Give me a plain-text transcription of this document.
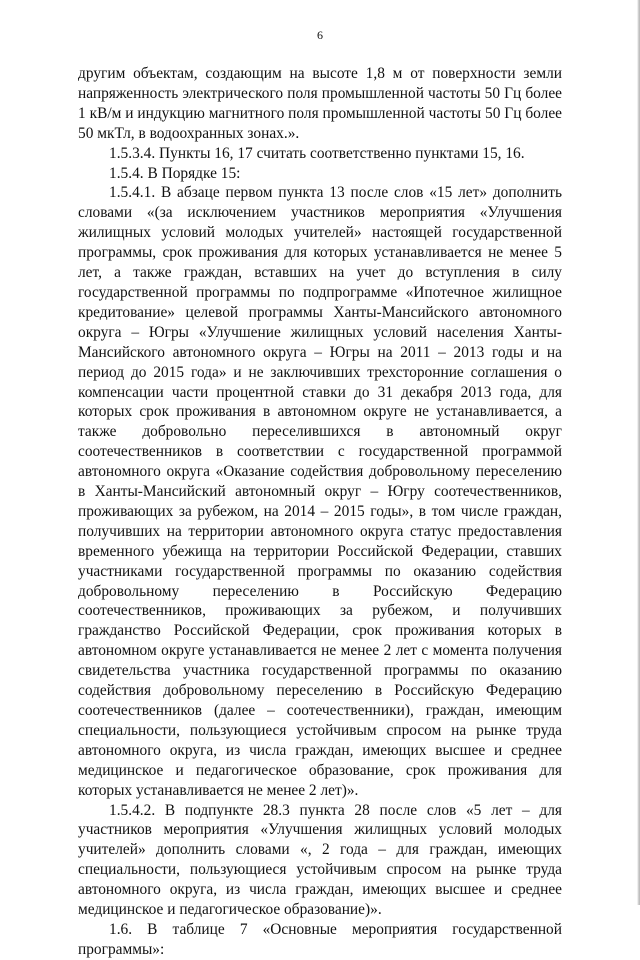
6

другим объектам, создающим на высоте 1,8 м от поверхности земли напряженность электрического поля промышленной частоты 50 Гц более 1 кВ/м и индукцию магнитного поля промышленной частоты 50 Гц более 50 мкТл, в водоохранных зонах.».

1.5.3.4. Пункты 16, 17 считать соответственно пунктами 15, 16.

1.5.4. В Порядке 15:

1.5.4.1. В абзаце первом пункта 13 после слов «15 лет» дополнить словами «(за исключением участников мероприятия «Улучшения жилищных условий молодых учителей» настоящей государственной программы, срок проживания для которых устанавливается не менее 5 лет, а также граждан, вставших на учет до вступления в силу государственной программы по подпрограмме «Ипотечное жилищное кредитование» целевой программы Ханты-Мансийского автономного округа – Югры «Улучшение жилищных условий населения Ханты-Мансийского автономного округа – Югры на 2011 – 2013 годы и на период до 2015 года» и не заключивших трехсторонние соглашения о компенсации части процентной ставки до 31 декабря 2013 года, для которых срок проживания в автономном округе не устанавливается, а также добровольно переселившихся в автономный округ соотечественников в соответствии с государственной программой автономного округа «Оказание содействия добровольному переселению в Ханты-Мансийский автономный округ – Югру соотечественников, проживающих за рубежом, на 2014 – 2015 годы», в том числе граждан, получивших на территории автономного округа статус предоставления временного убежища на территории Российской Федерации, ставших участниками государственной программы по оказанию содействия добровольному переселению в Российскую Федерацию соотечественников, проживающих за рубежом, и получивших гражданство Российской Федерации, срок проживания которых в автономном округе устанавливается не менее 2 лет с момента получения свидетельства участника государственной программы по оказанию содействия добровольному переселению в Российскую Федерацию соотечественников (далее – соотечественники), граждан, имеющим специальности, пользующиеся устойчивым спросом на рынке труда автономного округа, из числа граждан, имеющих высшее и среднее медицинское и педагогическое образование, срок проживания для которых устанавливается не менее 2 лет)».

1.5.4.2. В подпункте 28.3 пункта 28 после слов «5 лет – для участников мероприятия «Улучшения жилищных условий молодых учителей» дополнить словами «, 2 года – для граждан, имеющих специальности, пользующиеся устойчивым спросом на рынке труда автономного округа, из числа граждан, имеющих высшее и среднее медицинское и педагогическое образование)».

1.6. В таблице 7 «Основные мероприятия государственной программы»:
